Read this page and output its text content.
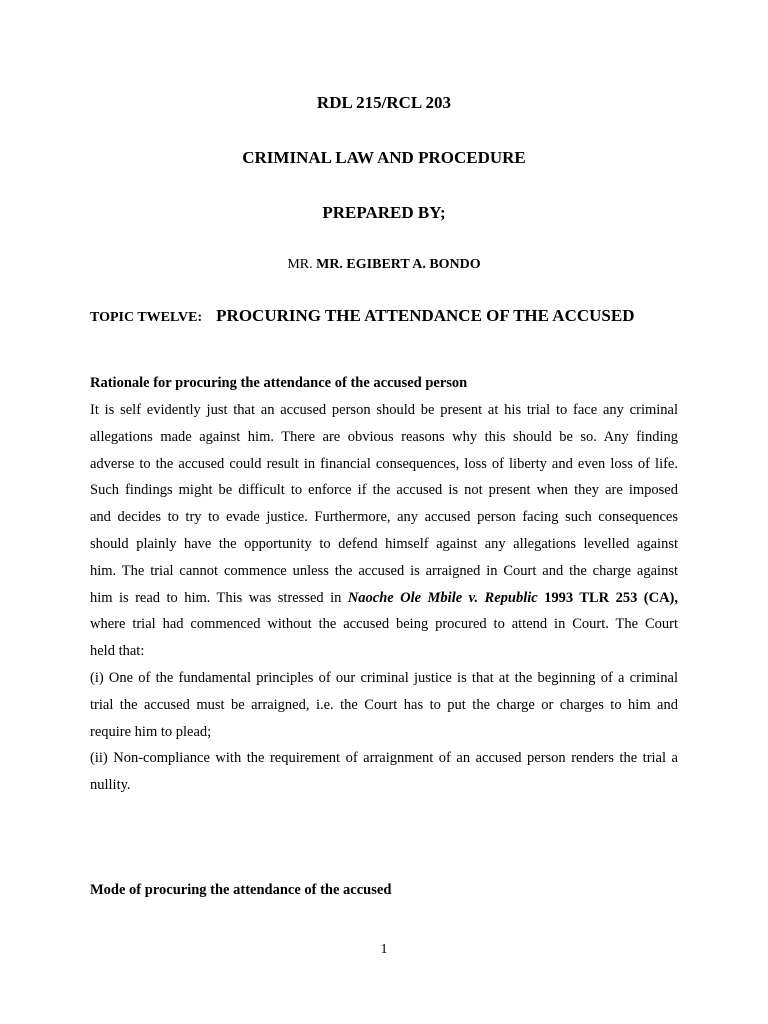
RDL 215/RCL 203
CRIMINAL LAW AND PROCEDURE
PREPARED BY;
MR. MR. EGIBERT A. BONDO
TOPIC TWELVE: PROCURING THE ATTENDANCE OF THE ACCUSED
Rationale for procuring the attendance of the accused person
It is self evidently just that an accused person should be present at his trial to face any criminal
allegations made against him. There are obvious reasons why this should be so. Any finding
adverse to the accused could result in financial consequences, loss of liberty and even loss of life.
Such findings might be difficult to enforce if the accused is not present when they are imposed
and decides to try to evade justice. Furthermore, any accused person facing such consequences
should plainly have the opportunity to defend himself against any allegations levelled against
him. The trial cannot commence unless the accused is arraigned in Court and the charge against
him is read to him. This was stressed in Naoche Ole Mbile v. Republic 1993 TLR 253 (CA),
where trial had commenced without the accused being procured to attend in Court. The Court
held that:
(i) One of the fundamental principles of our criminal justice is that at the beginning of a criminal
trial the accused must be arraigned, i.e. the Court has to put the charge or charges to him and
require him to plead;
(ii) Non-compliance with the requirement of arraignment of an accused person renders the trial a
nullity.
Mode of procuring the attendance of the accused
1
